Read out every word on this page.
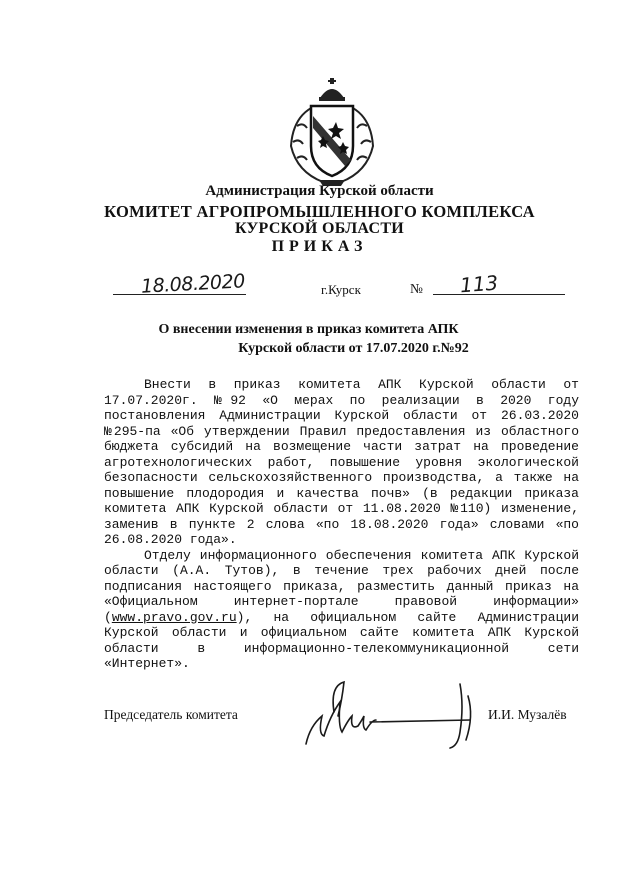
Администрация Курской области
КОМИТЕТ АГРОПРОМЫШЛЕННОГО КОМПЛЕКСА
КУРСКОЙ ОБЛАСТИ
ПРИКАЗ
18.08.2020	г.Курск	№ 113
О внесении изменения в приказ комитета АПК
Курской области от 17.07.2020 г.№92

Внести в приказ комитета АПК Курской области от 17.07.2020г. №92 «О мерах по реализации в 2020 году постановления Администрации Курской области от 26.03.2020 №295-па «Об утверждении Правил предоставления из областного бюджета субсидий на возмещение части затрат на проведение агротехнологических работ, повышение уровня экологической безопасности сельскохозяйственного производства, а также на повышение плодородия и качества почв» (в редакции приказа комитета АПК Курской области от 11.08.2020 №110) изменение, заменив в пункте 2 слова «по 18.08.2020 года» словами «по 26.08.2020 года».

Отделу информационного обеспечения комитета АПК Курской области (А.А. Тутов), в течение трех рабочих дней после подписания настоящего приказа, разместить данный приказ на «Официальном интернет-портале правовой информации» (www.pravo.gov.ru), на официальном сайте Администрации Курской области и официальном сайте комитета АПК Курской области в информационно-телекоммуникационной сети «Интернет».

Председатель комитета	И.И. Музалёв
